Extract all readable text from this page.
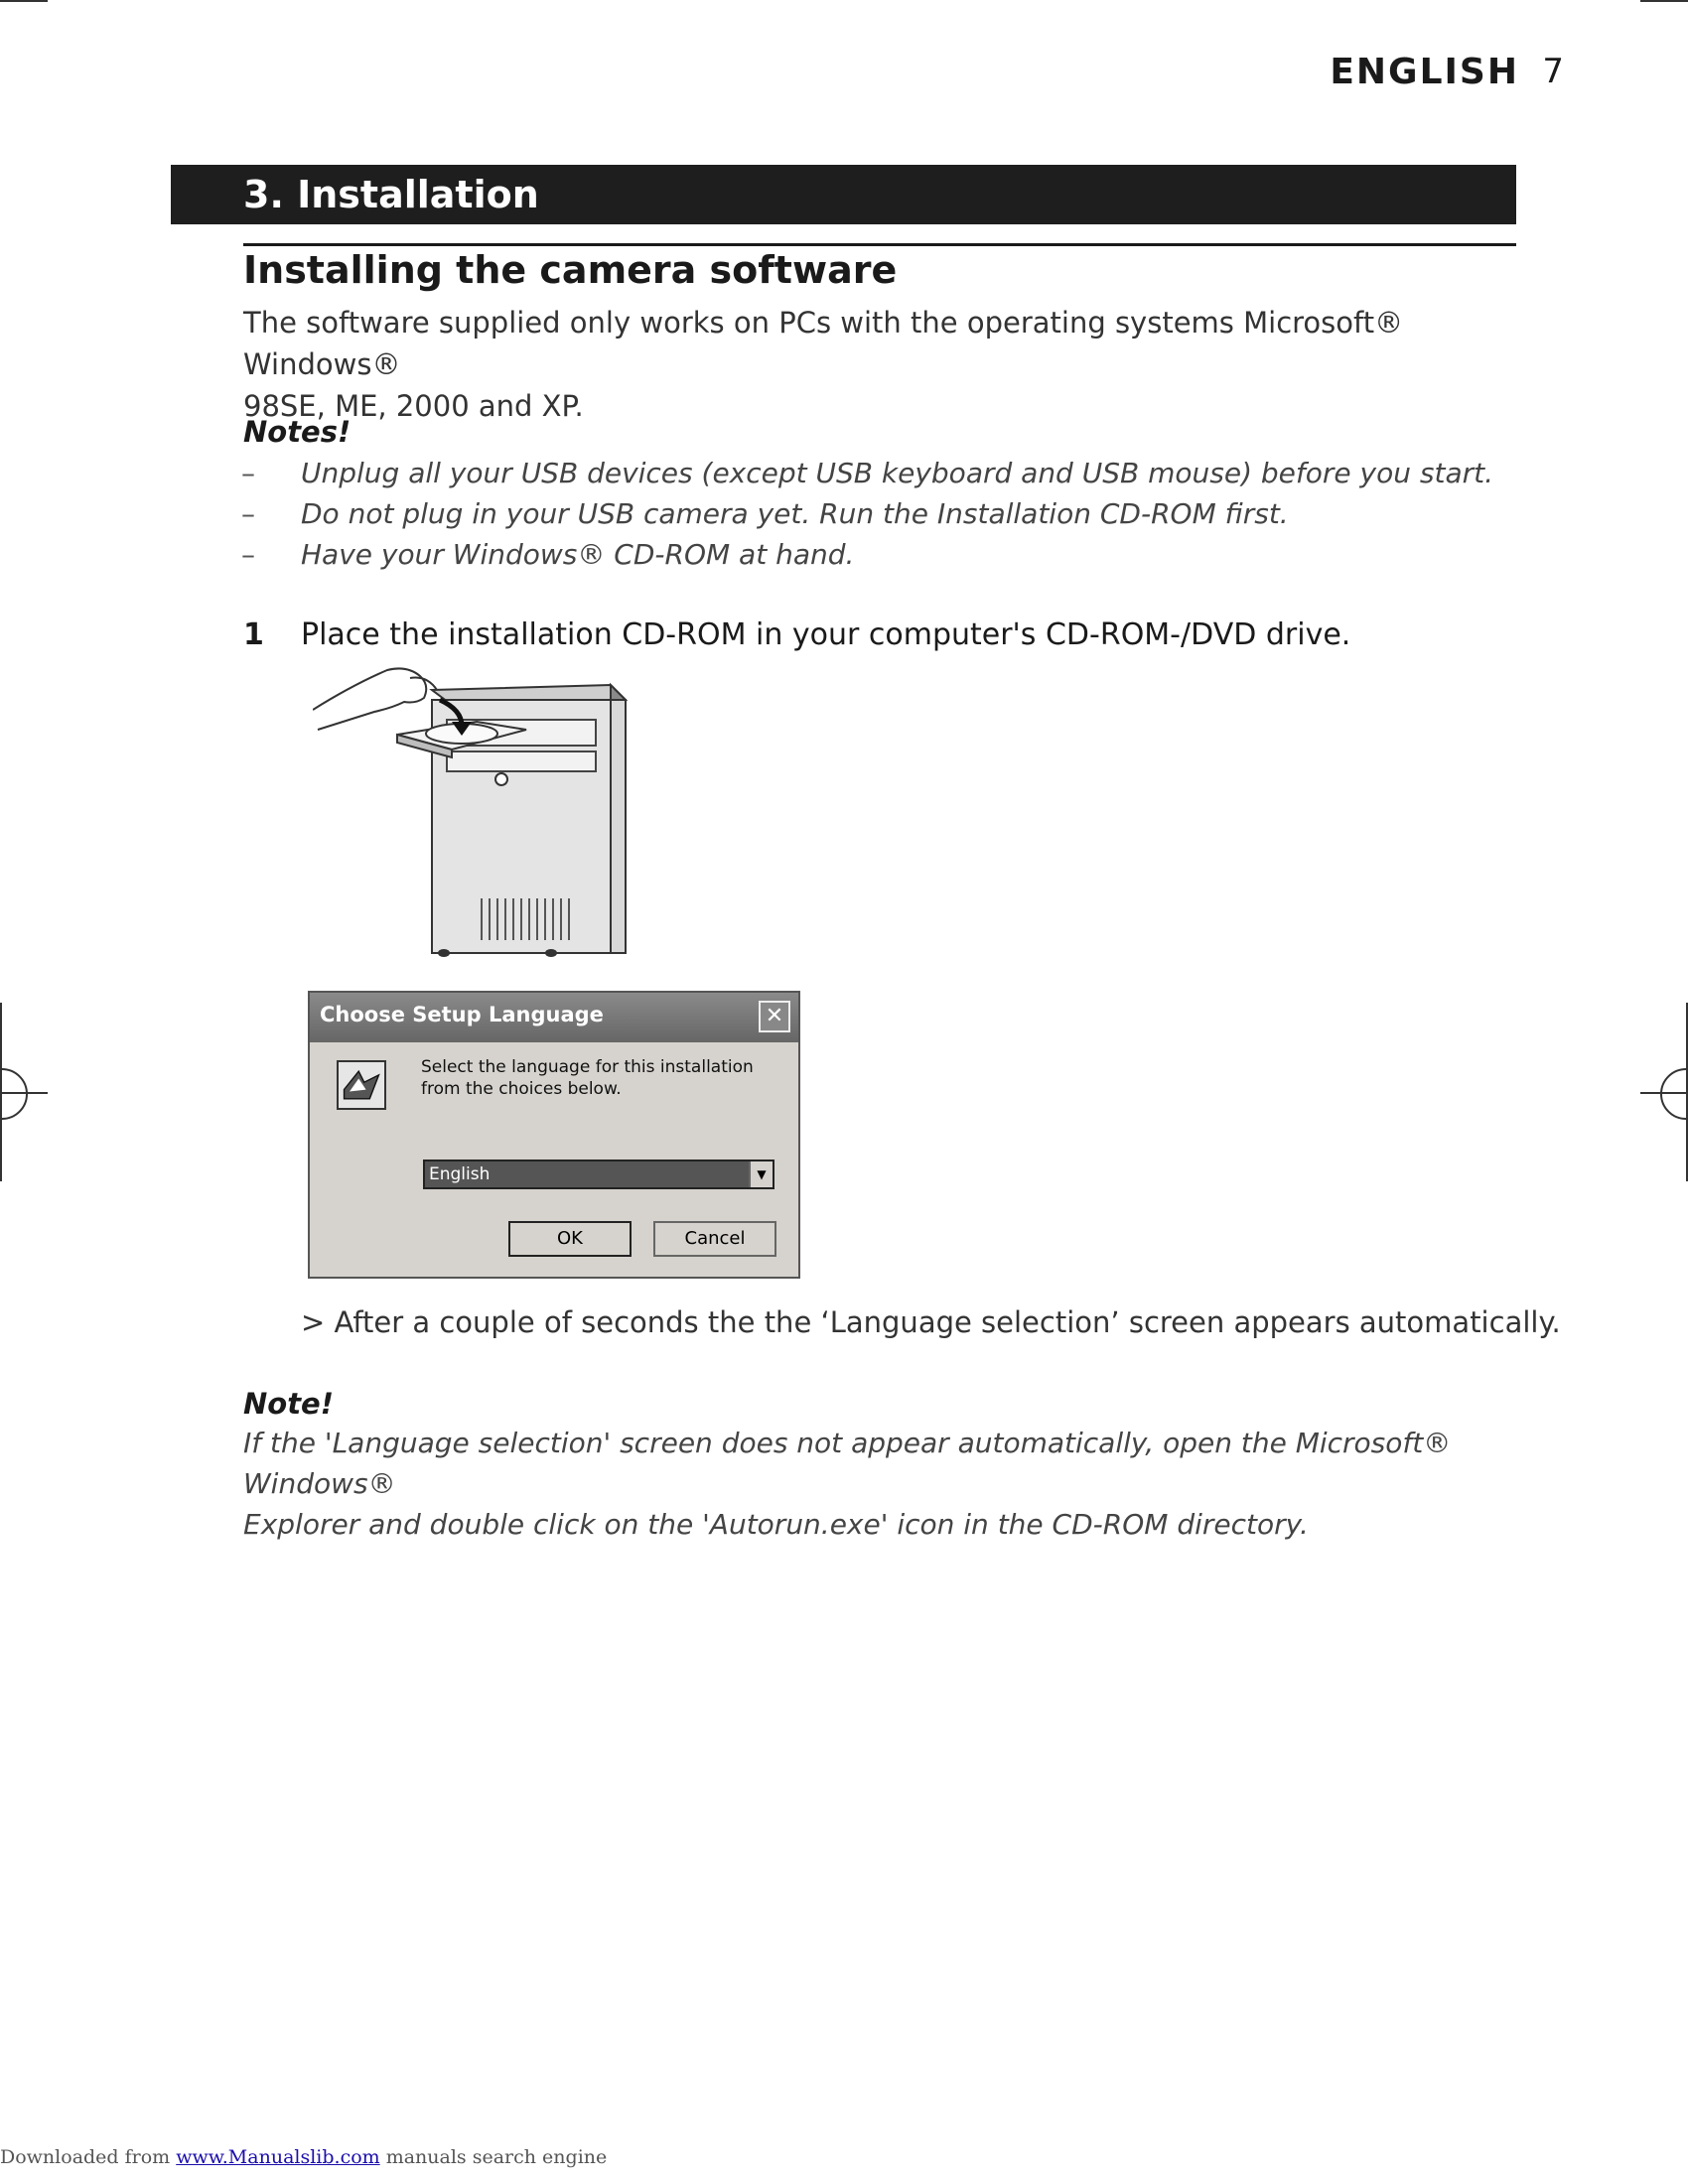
ENGLISH 7
3. Installation
Installing the camera software
The software supplied only works on PCs with the operating systems Microsoft® Windows®
98SE, ME, 2000 and XP.
Notes!
– Unplug all your USB devices (except USB keyboard and USB mouse) before you start.
– Do not plug in your USB camera yet. Run the Installation CD-ROM first.
– Have your Windows® CD-ROM at hand.
1 Place the installation CD-ROM in your computer's CD-ROM-/DVD drive.
Choose Setup Language	✕
Select the language for this installation from the choices below.
English	▼
OK	Cancel
> After a couple of seconds the the ‘Language selection’ screen appears automatically.
Note!
If the 'Language selection' screen does not appear automatically, open the Microsoft® Windows®
Explorer and double click on the 'Autorun.exe' icon in the CD-ROM directory.
Downloaded from www.Manualslib.com manuals search engine
